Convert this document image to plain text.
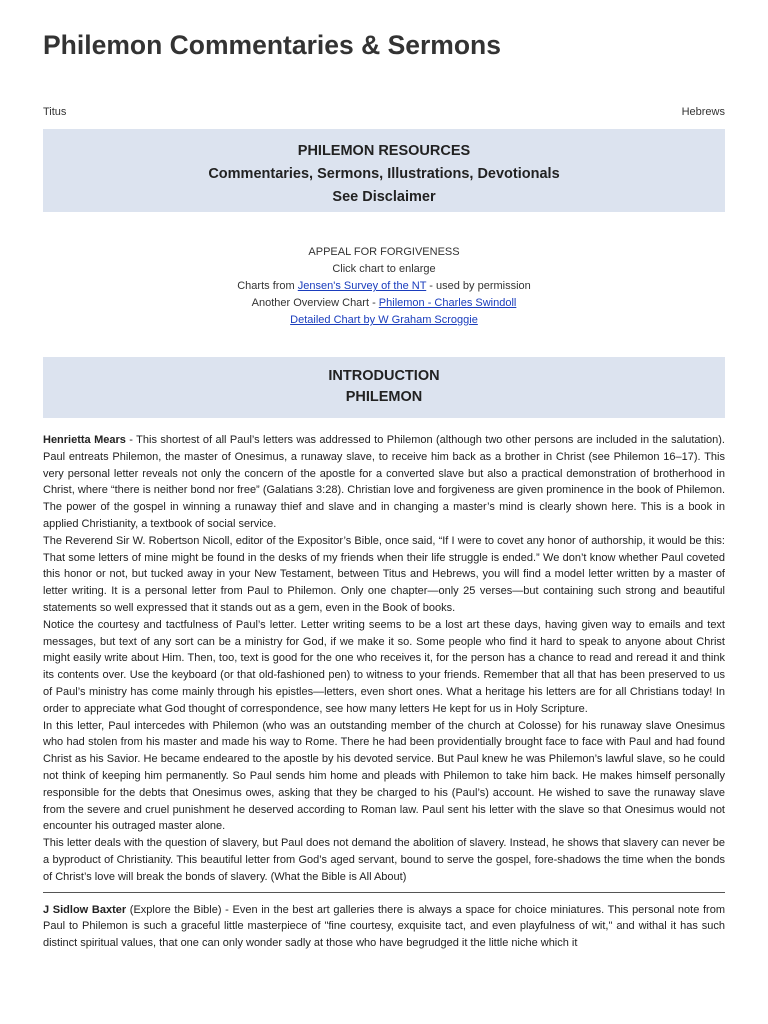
Philemon Commentaries & Sermons
Titus	Hebrews
PHILEMON RESOURCES
Commentaries, Sermons, Illustrations, Devotionals
See Disclaimer
APPEAL FOR FORGIVENESS
Click chart to enlarge
Charts from Jensen's Survey of the NT - used by permission
Another Overview Chart - Philemon - Charles Swindoll
Detailed Chart by W Graham Scroggie
INTRODUCTION
PHILEMON

Henrietta Mears - This shortest of all Paul’s letters was addressed to Philemon (although two other persons are included in the salutation). Paul entreats Philemon, the master of Onesimus, a runaway slave, to receive him back as a brother in Christ (see Philemon 16–17). This very personal letter reveals not only the concern of the apostle for a converted slave but also a practical demonstration of brotherhood in Christ, where “there is neither bond nor free” (Galatians 3:28). Christian love and forgiveness are given prominence in the book of Philemon. The power of the gospel in winning a runaway thief and slave and in changing a master’s mind is clearly shown here. This is a book in applied Christianity, a textbook of social service.

The Reverend Sir W. Robertson Nicoll, editor of the Expositor’s Bible, once said, “If I were to covet any honor of authorship, it would be this: That some letters of mine might be found in the desks of my friends when their life struggle is ended.” We don’t know whether Paul coveted this honor or not, but tucked away in your New Testament, between Titus and Hebrews, you will find a model letter written by a master of letter writing. It is a personal letter from Paul to Philemon. Only one chapter—only 25 verses—but containing such strong and beautiful statements so well expressed that it stands out as a gem, even in the Book of books.

Notice the courtesy and tactfulness of Paul’s letter. Letter writing seems to be a lost art these days, having given way to emails and text messages, but text of any sort can be a ministry for God, if we make it so. Some people who find it hard to speak to anyone about Christ might easily write about Him. Then, too, text is good for the one who receives it, for the person has a chance to read and reread it and think its contents over. Use the keyboard (or that old-fashioned pen) to witness to your friends. Remember that all that has been preserved to us of Paul’s ministry has come mainly through his epistles—letters, even short ones. What a heritage his letters are for all Christians today! In order to appreciate what God thought of correspondence, see how many letters He kept for us in Holy Scripture.

In this letter, Paul intercedes with Philemon (who was an outstanding member of the church at Colosse) for his runaway slave Onesimus who had stolen from his master and made his way to Rome. There he had been providentially brought face to face with Paul and had found Christ as his Savior. He became endeared to the apostle by his devoted service. But Paul knew he was Philemon’s lawful slave, so he could not think of keeping him permanently. So Paul sends him home and pleads with Philemon to take him back. He makes himself personally responsible for the debts that Onesimus owes, asking that they be charged to his (Paul’s) account. He wished to save the runaway slave from the severe and cruel punishment he deserved according to Roman law. Paul sent his letter with the slave so that Onesimus would not encounter his outraged master alone.

This letter deals with the question of slavery, but Paul does not demand the abolition of slavery. Instead, he shows that slavery can never be a byproduct of Christianity. This beautiful letter from God’s aged servant, bound to serve the gospel, fore-shadows the time when the bonds of Christ’s love will break the bonds of slavery. (What the Bible is All About)

J Sidlow Baxter (Explore the Bible) - Even in the best art galleries there is always a space for choice miniatures. This personal note from Paul to Philemon is such a graceful little masterpiece of "fine courtesy, exquisite tact, and even playfulness of wit," and withal it has such distinct spiritual values, that one can only wonder sadly at those who have begrudged it the little niche which it
